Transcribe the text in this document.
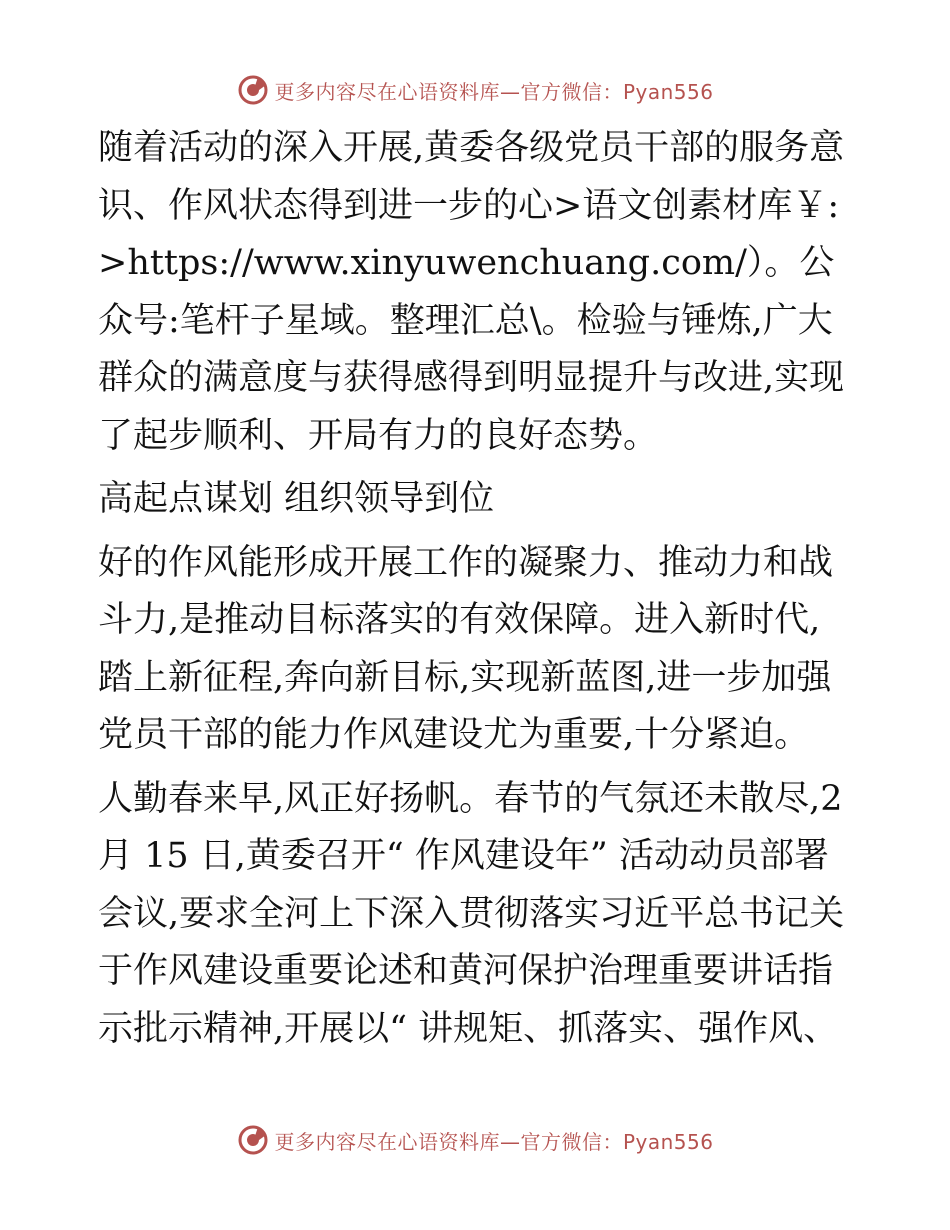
更多内容尽在心语资料库—官方微信：Pyan556

随着活动的深入开展,黄委各级党员干部的服务意识、作风状态得到进一步的心>语文创素材库￥:>https://www.xinyuwenchuang.com/）。公众号:笔杆子星域。整理汇总\。检验与锤炼,广大群众的满意度与获得感得到明显提升与改进,实现了起步顺利、开局有力的良好态势。

高起点谋划 组织领导到位

好的作风能形成开展工作的凝聚力、推动力和战斗力,是推动目标落实的有效保障。进入新时代,踏上新征程,奔向新目标,实现新蓝图,进一步加强党员干部的能力作风建设尤为重要,十分紧迫。

人勤春来早,风正好扬帆。春节的气氛还未散尽,2月 15 日,黄委召开“ 作风建设年” 活动动员部署会议,要求全河上下深入贯彻落实习近平总书记关于作风建设重要论述和黄河保护治理重要讲话指示批示精神,开展以“ 讲规矩、抓落实、强作风、

更多内容尽在心语资料库—官方微信：Pyan556
